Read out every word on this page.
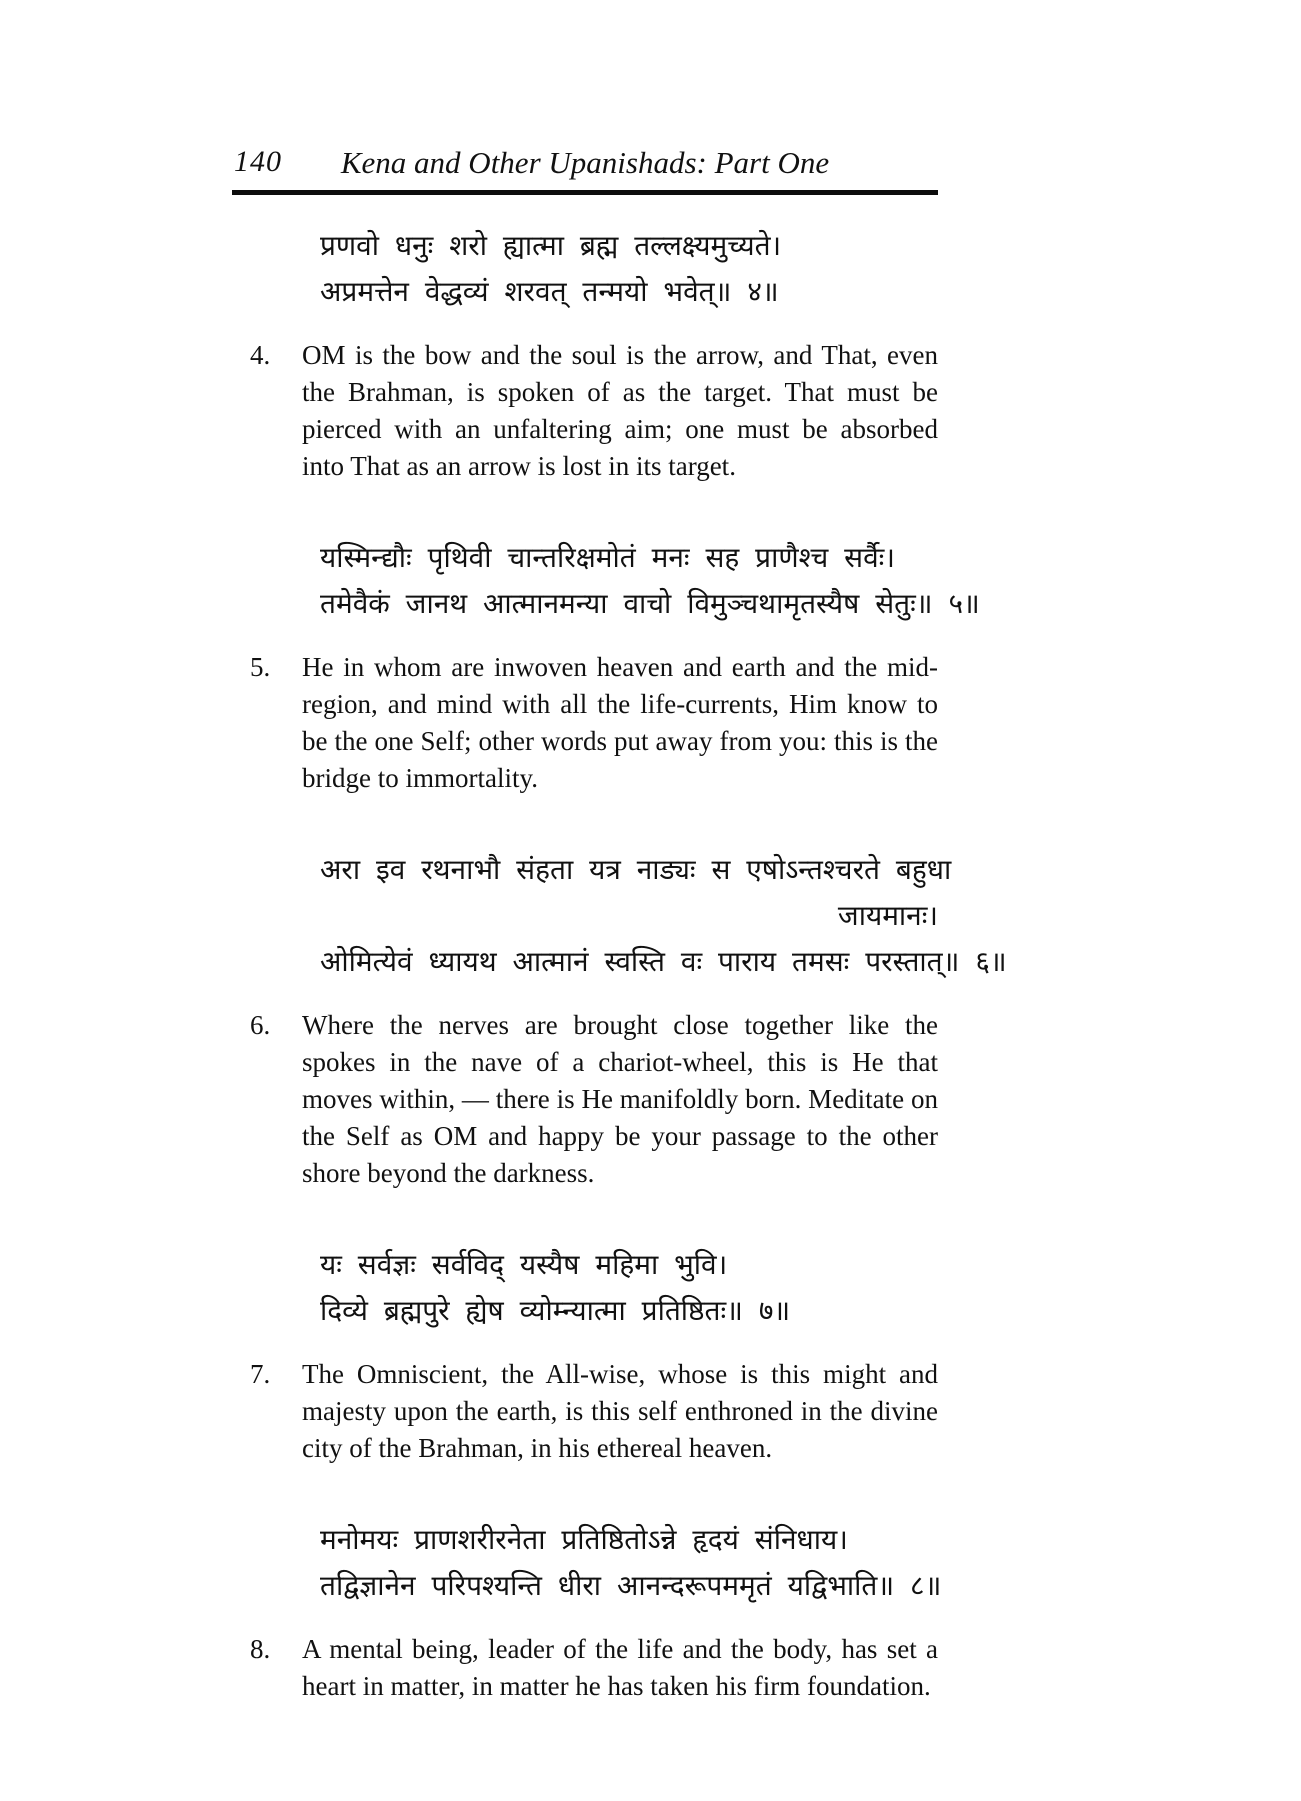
140	Kena and Other Upanishads: Part One
प्रणवो धनुः शरो ह्यात्मा ब्रह्म तल्लक्ष्यमुच्यते।
अप्रमत्तेन वेद्धव्यं शरवत् तन्मयो भवेत्॥ ४॥
4.	OM is the bow and the soul is the arrow, and That, even the Brahman, is spoken of as the target. That must be pierced with an unfaltering aim; one must be absorbed into That as an arrow is lost in its target.

यस्मिन्द्यौः पृथिवी चान्तरिक्षमोतं मनः सह प्राणैश्च सर्वैः।
तमेवैकं जानथ आत्मानमन्या वाचो विमुञ्चथामृतस्यैष सेतुः॥ ५॥
5.	He in whom are inwoven heaven and earth and the mid-region, and mind with all the life-currents, Him know to be the one Self; other words put away from you: this is the bridge to immortality.

अरा इव रथनाभौ संहता यत्र नाड्यः स एषोऽन्तश्चरते बहुधा
जायमानः।
ओमित्येवं ध्यायथ आत्मानं स्वस्ति वः पाराय तमसः परस्तात्॥ ६॥
6.	Where the nerves are brought close together like the spokes in the nave of a chariot-wheel, this is He that moves within, — there is He manifoldly born. Meditate on the Self as OM and happy be your passage to the other shore beyond the darkness.

यः सर्वज्ञः सर्वविद् यस्यैष महिमा भुवि।
दिव्ये ब्रह्मपुरे ह्येष व्योम्न्यात्मा प्रतिष्ठितः॥ ७॥
7.	The Omniscient, the All-wise, whose is this might and majesty upon the earth, is this self enthroned in the divine city of the Brahman, in his ethereal heaven.

मनोमयः प्राणशरीरनेता प्रतिष्ठितोऽन्ने हृदयं संनिधाय।
तद्विज्ञानेन परिपश्यन्ति धीरा आनन्दरूपममृतं यद्विभाति॥ ८॥
8.	A mental being, leader of the life and the body, has set a heart in matter, in matter he has taken his firm foundation.
